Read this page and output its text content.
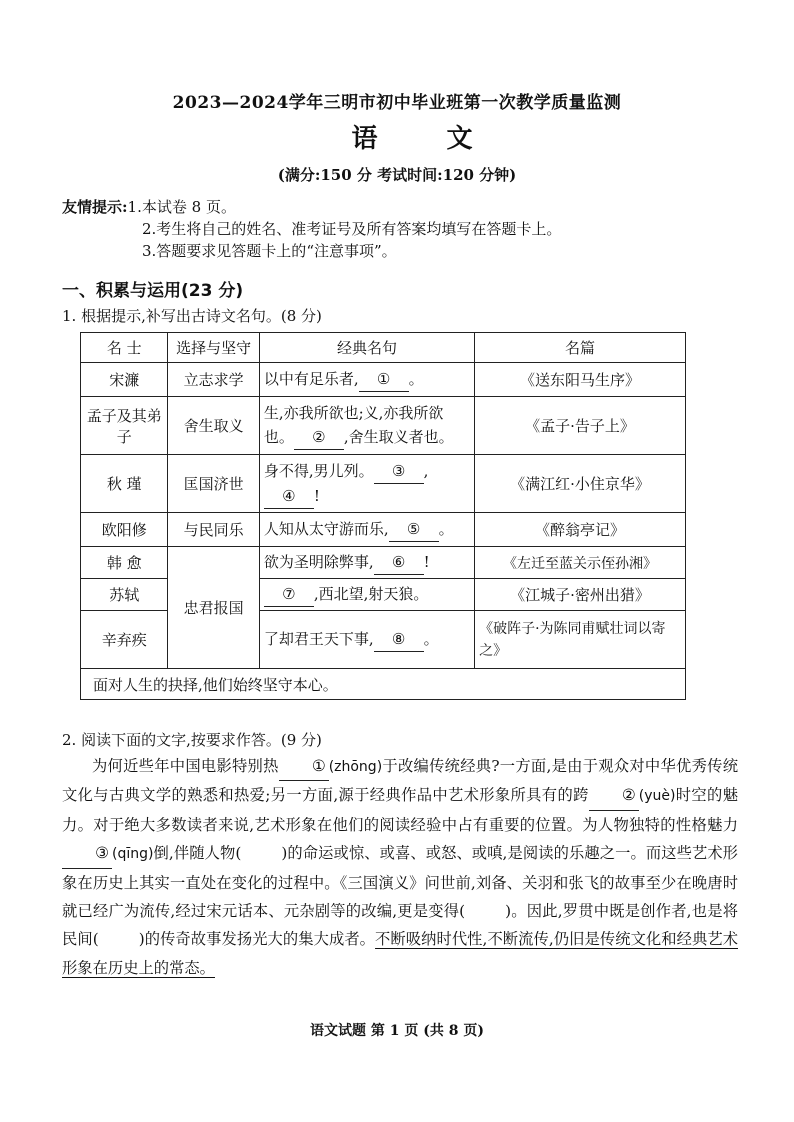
2023—2024学年三明市初中毕业班第一次教学质量监测
语 文
(满分:150 分 考试时间:120 分钟)
友情提示:1.本试卷 8 页。
2.考生将自己的姓名、准考证号及所有答案均填写在答题卡上。
3.答题要求见答题卡上的“注意事项”。
一、积累与运用(23 分)
1. 根据提示,补写出古诗文名句。(8 分)
名 士	选择与坚守	经典名句	名篇
宋濂	立志求学	以中有足乐者, ① 。	《送东阳马生序》
孟子及其弟子	舍生取义	生,亦我所欲也;义,亦我所欲也。 ② ,舍生取义者也。	《孟子·告子上》
秋 瑾	匡国济世	身不得,男儿列。 ③ ,
④ !	《满江红·小住京华》
欧阳修	与民同乐	人知从太守游而乐, ⑤ 。	《醉翁亭记》
韩 愈	忠君报国	欲为圣明除弊事, ⑥ !	《左迁至蓝关示侄孙湘》
苏轼		⑦ ,西北望,射天狼。	《江城子·密州出猎》
辛弃疾		了却君王天下事, ⑧ 。	《破阵子·为陈同甫赋壮词以寄之》
面对人生的抉择,他们始终坚守本心。			
2. 阅读下面的文字,按要求作答。(9 分)

为何近些年中国电影特别热 ① (zhōng)于改编传统经典?一方面,是由于观众对中华优秀传统文化与古典文学的熟悉和热爱;另一方面,源于经典作品中艺术形象所具有的跨 ② (yuè)时空的魅力。对于绝大多数读者来说,艺术形象在他们的阅读经验中占有重要的位置。为人物独特的性格魅力③ (qīng)倒,伴随人物(	)的命运或惊、或喜、或怒、或嗔,是阅读的乐趣之一。而这些艺术形象在历史上其实一直处在变化的过程中。《三国演义》问世前,刘备、关羽和张飞的故事至少在晚唐时就已经广为流传,经过宋元话本、元杂剧等的改编,更是变得(	)。因此,罗贯中既是创作者,也是将民间(	)的传奇故事发扬光大的集大成者。不断吸纳时代性,不断流传,仍旧是传统文化和经典艺术形象在历史上的常态。

语文试题 第 1 页 (共 8 页)
